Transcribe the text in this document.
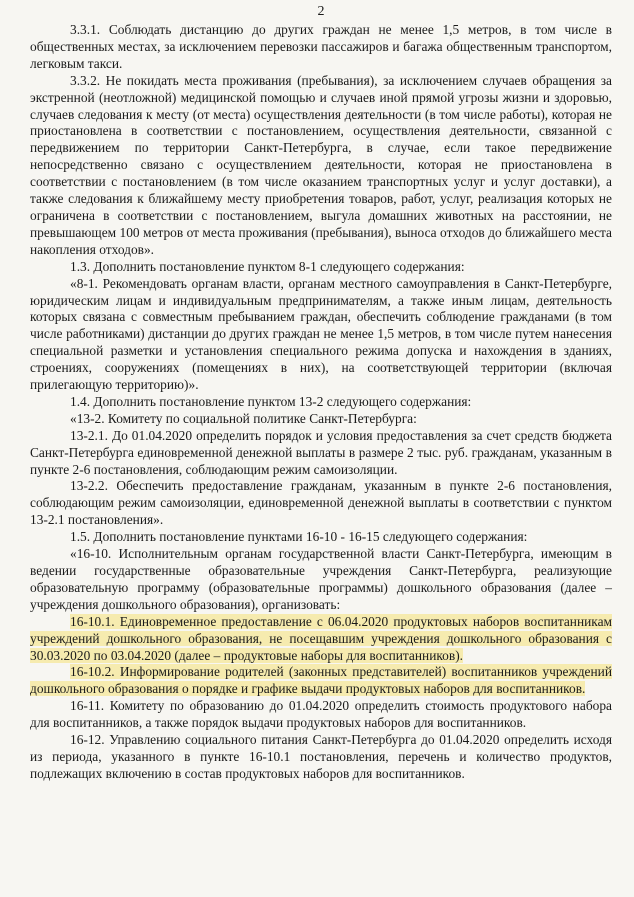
2

3.3.1. Соблюдать дистанцию до других граждан не менее 1,5 метров, в том числе в общественных местах, за исключением перевозки пассажиров и багажа общественным транспортом, легковым такси.

3.3.2. Не покидать места проживания (пребывания), за исключением случаев обращения за экстренной (неотложной) медицинской помощью и случаев иной прямой угрозы жизни и здоровью, случаев следования к месту (от места) осуществления деятельности (в том числе работы), которая не приостановлена в соответствии с постановлением, осуществления деятельности, связанной с передвижением по территории Санкт-Петербурга, в случае, если такое передвижение непосредственно связано с осуществлением деятельности, которая не приостановлена в соответствии с постановлением (в том числе оказанием транспортных услуг и услуг доставки), а также следования к ближайшему месту приобретения товаров, работ, услуг, реализация которых не ограничена в соответствии с постановлением, выгула домашних животных на расстоянии, не превышающем 100 метров от места проживания (пребывания), выноса отходов до ближайшего места накопления отходов».

1.3. Дополнить постановление пунктом 8-1 следующего содержания:

«8-1. Рекомендовать органам власти, органам местного самоуправления в Санкт-Петербурге, юридическим лицам и индивидуальным предпринимателям, а также иным лицам, деятельность которых связана с совместным пребыванием граждан, обеспечить соблюдение гражданами (в том числе работниками) дистанции до других граждан не менее 1,5 метров, в том числе путем нанесения специальной разметки и установления специального режима допуска и нахождения в зданиях, строениях, сооружениях (помещениях в них), на соответствующей территории (включая прилегающую территорию)».

1.4. Дополнить постановление пунктом 13-2 следующего содержания:

«13-2. Комитету по социальной политике Санкт-Петербурга:

13-2.1. До 01.04.2020 определить порядок и условия предоставления за счет средств бюджета Санкт-Петербурга единовременной денежной выплаты в размере 2 тыс. руб. гражданам, указанным в пункте 2-6 постановления, соблюдающим режим самоизоляции.

13-2.2. Обеспечить предоставление гражданам, указанным в пункте 2-6 постановления, соблюдающим режим самоизоляции, единовременной денежной выплаты в соответствии с пунктом 13-2.1 постановления».

1.5. Дополнить постановление пунктами 16-10 - 16-15 следующего содержания:

«16-10. Исполнительным органам государственной власти Санкт-Петербурга, имеющим в ведении государственные образовательные учреждения Санкт-Петербурга, реализующие образовательную программу (образовательные программы) дошкольного образования (далее – учреждения дошкольного образования), организовать:

16-10.1. Единовременное предоставление с 06.04.2020 продуктовых наборов воспитанникам учреждений дошкольного образования, не посещавшим учреждения дошкольного образования с 30.03.2020 по 03.04.2020 (далее – продуктовые наборы для воспитанников).

16-10.2. Информирование родителей (законных представителей) воспитанников учреждений дошкольного образования о порядке и графике выдачи продуктовых наборов для воспитанников.

16-11. Комитету по образованию до 01.04.2020 определить стоимость продуктового набора для воспитанников, а также порядок выдачи продуктовых наборов для воспитанников.

16-12. Управлению социального питания Санкт-Петербурга до 01.04.2020 определить исходя из периода, указанного в пункте 16-10.1 постановления, перечень и количество продуктов, подлежащих включению в состав продуктовых наборов для воспитанников.
